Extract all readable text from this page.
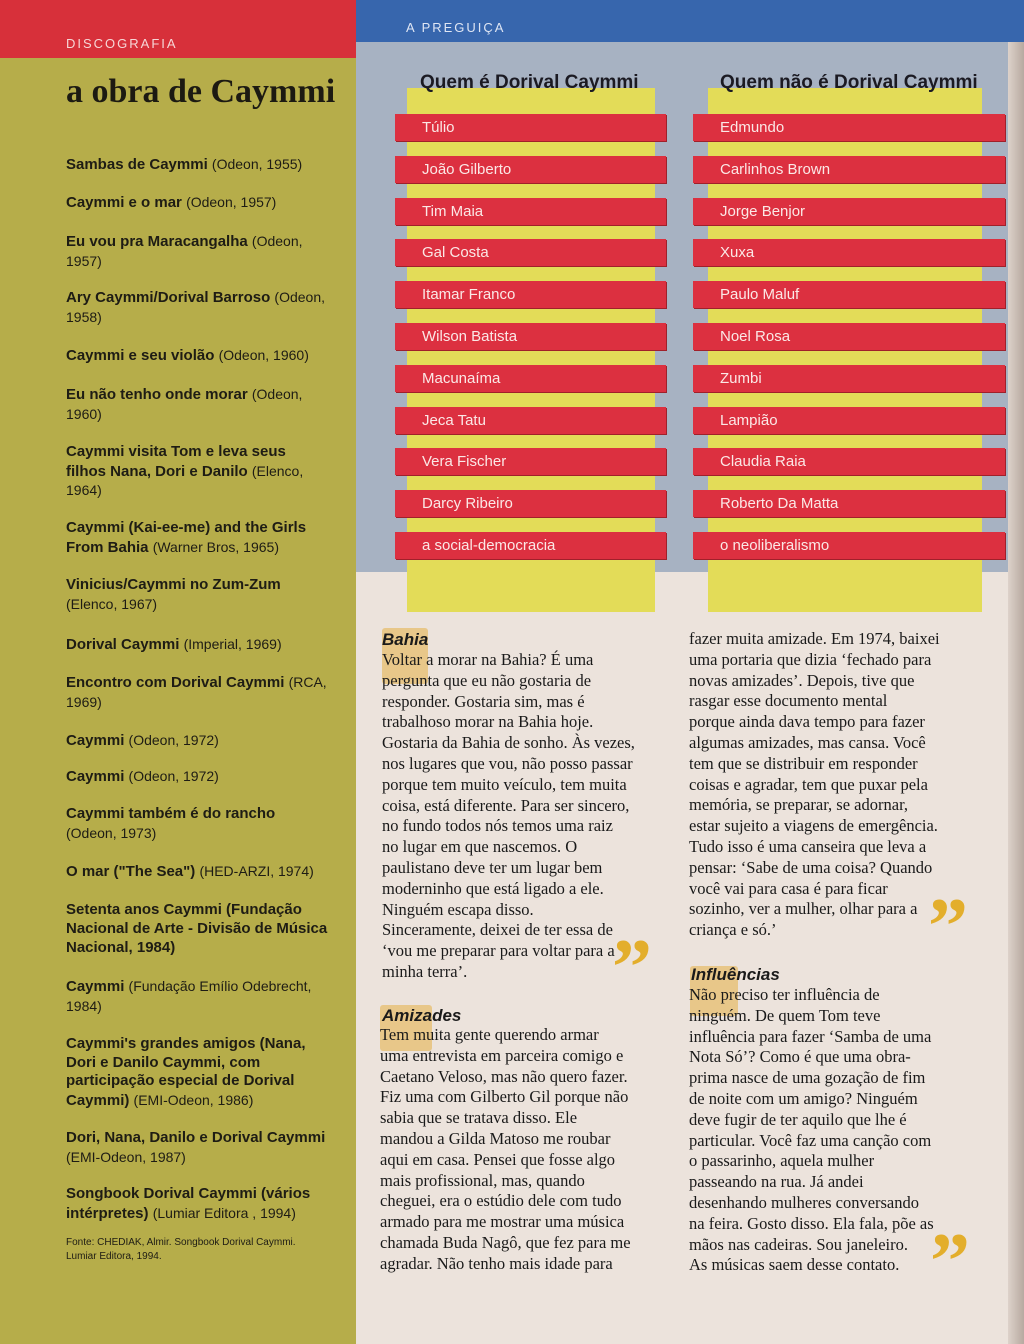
DISCOGRAFIA
a obra de Caymmi
Sambas de Caymmi (Odeon, 1955)
Caymmi e o mar (Odeon, 1957)
Eu vou pra Maracangalha (Odeon, 1957)
Ary Caymmi/Dorival Barroso (Odeon, 1958)
Caymmi e seu violão (Odeon, 1960)
Eu não tenho onde morar (Odeon, 1960)
Caymmi visita Tom e leva seus filhos Nana, Dori e Danilo (Elenco, 1964)
Caymmi (Kai-ee-me) and the Girls From Bahia (Warner Bros, 1965)
Vinicius/Caymmi no Zum-Zum (Elenco, 1967)
Dorival Caymmi (Imperial, 1969)
Encontro com Dorival Caymmi (RCA, 1969)
Caymmi (Odeon, 1972)
Caymmi (Odeon, 1972)
Caymmi também é do rancho (Odeon, 1973)
O mar ("The Sea") (HED-ARZI, 1974)
Setenta anos Caymmi (Fundação Nacional de Arte - Divisão de Música Nacional, 1984)
Caymmi (Fundação Emílio Odebrecht, 1984)
Caymmi's grandes amigos (Nana, Dori e Danilo Caymmi, com participação especial de Dorival Caymmi) (EMI-Odeon, 1986)
Dori, Nana, Danilo e Dorival Caymmi (EMI-Odeon, 1987)
Songbook Dorival Caymmi (vários intérpretes) (Lumiar Editora , 1994)
Fonte: CHEDIAK, Almir. Songbook Dorival Caymmi. Lumiar Editora, 1994.
A PREGUIÇA
Quem é Dorival Caymmi	Quem não é Dorival Caymmi
Túlio
João Gilberto
Tim Maia
Gal Costa
Itamar Franco
Wilson Batista
Macunaíma
Jeca Tatu
Vera Fischer
Darcy Ribeiro
a social-democracia
Edmundo
Carlinhos Brown
Jorge Benjor
Xuxa
Paulo Maluf
Noel Rosa
Zumbi
Lampião
Claudia Raia
Roberto Da Matta
o neoliberalismo
Bahia
Voltar a morar na Bahia? É uma
pergunta que eu não gostaria de
responder. Gostaria sim, mas é
trabalhoso morar na Bahia hoje.
Gostaria da Bahia de sonho. Às vezes,
nos lugares que vou, não posso passar
porque tem muito veículo, tem muita
coisa, está diferente. Para ser sincero,
no fundo todos nós temos uma raiz
no lugar em que nascemos. O
paulistano deve ter um lugar bem
moderninho que está ligado a ele.
Ninguém escapa disso.
Sinceramente, deixei de ter essa de
‘vou me preparar para voltar para a
minha terra’.
Amizades
Tem muita gente querendo armar
uma entrevista em parceira comigo e
Caetano Veloso, mas não quero fazer.
Fiz uma com Gilberto Gil porque não
sabia que se tratava disso. Ele
mandou a Gilda Matoso me roubar
aqui em casa. Pensei que fosse algo
mais profissional, mas, quando
cheguei, era o estúdio dele com tudo
armado para me mostrar uma música
chamada Buda Nagô, que fez para me
agradar. Não tenho mais idade para
fazer muita amizade. Em 1974, baixei
uma portaria que dizia ‘fechado para
novas amizades’. Depois, tive que
rasgar esse documento mental
porque ainda dava tempo para fazer
algumas amizades, mas cansa. Você
tem que se distribuir em responder
coisas e agradar, tem que puxar pela
memória, se preparar, se adornar,
estar sujeito a viagens de emergência.
Tudo isso é uma canseira que leva a
pensar: ‘Sabe de uma coisa? Quando
você vai para casa é para ficar
sozinho, ver a mulher, olhar para a
criança e só.’
Influências
Não preciso ter influência de
ninguém. De quem Tom teve
influência para fazer ‘Samba de uma
Nota Só’? Como é que uma obra-
prima nasce de uma gozação de fim
de noite com um amigo? Ninguém
deve fugir de ter aquilo que lhe é
particular. Você faz uma canção com
o passarinho, aquela mulher
passeando na rua. Já andei
desenhando mulheres conversando
na feira. Gosto disso. Ela fala, põe as
mãos nas cadeiras. Sou janeleiro.
As músicas saem desse contato.
”	”
”
